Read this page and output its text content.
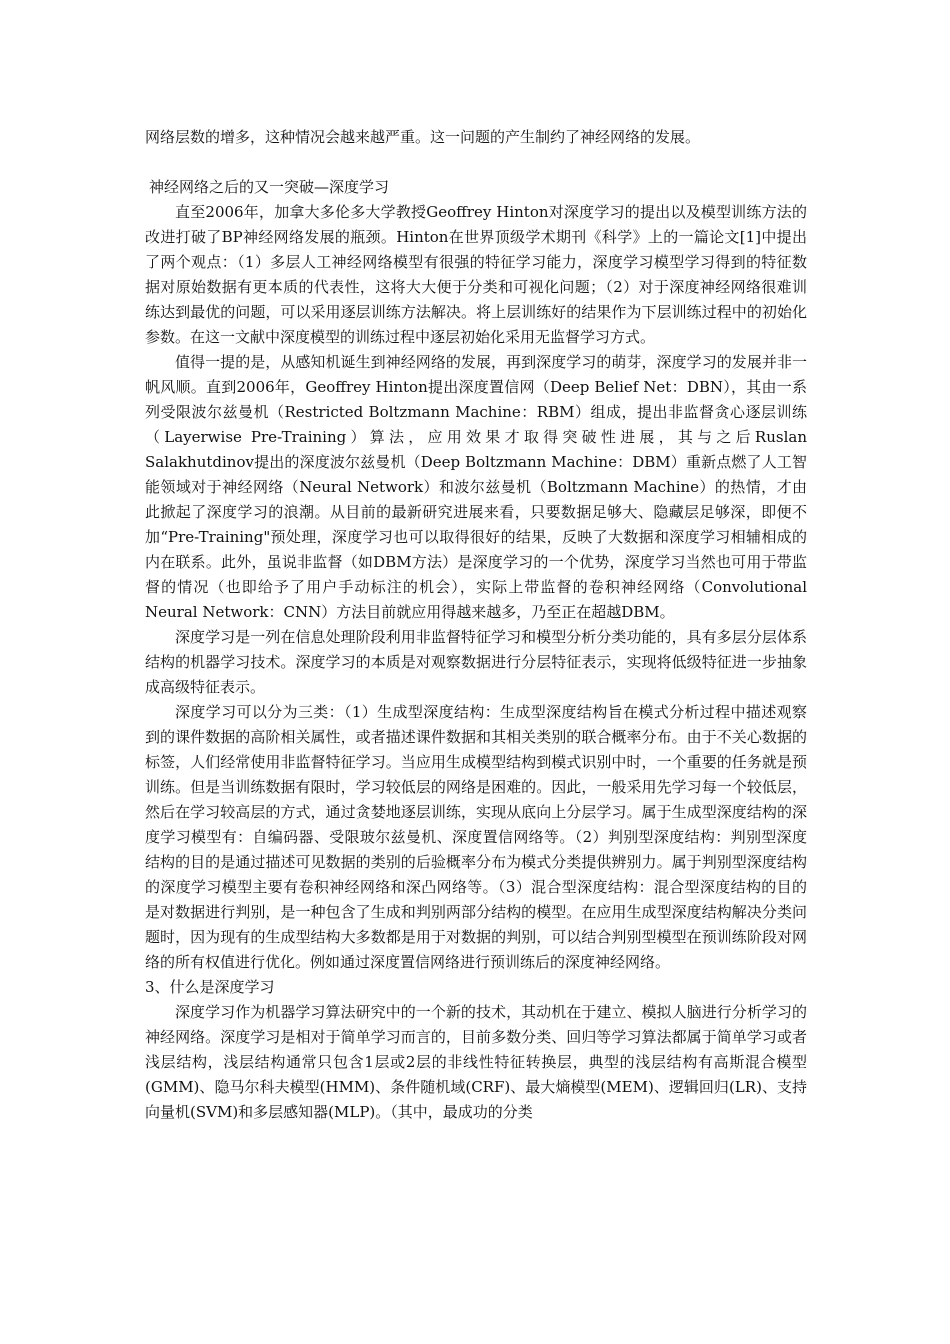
网络层数的增多，这种情况会越来越严重。这一问题的产生制约了神经网络的发展。

神经网络之后的又一突破—深度学习

直至2006年，加拿大多伦多大学教授Geoffrey Hinton对深度学习的提出以及模型训练方法的改进打破了BP神经网络发展的瓶颈。Hinton在世界顶级学术期刊《科学》上的一篇论文[1]中提出了两个观点：（1）多层人工神经网络模型有很强的特征学习能力，深度学习模型学习得到的特征数据对原始数据有更本质的代表性，这将大大便于分类和可视化问题；（2）对于深度神经网络很难训练达到最优的问题，可以采用逐层训练方法解决。将上层训练好的结果作为下层训练过程中的初始化参数。在这一文献中深度模型的训练过程中逐层初始化采用无监督学习方式。

值得一提的是，从感知机诞生到神经网络的发展，再到深度学习的萌芽，深度学习的发展并非一帆风顺。直到2006年，Geoffrey Hinton提出深度置信网（Deep Belief Net：DBN），其由一系列受限波尔兹曼机（Restricted Boltzmann Machine：RBM）组成，提出非监督贪心逐层训练（Layerwise Pre-Training）算法，应用效果才取得突破性进展，其与之后Ruslan Salakhutdinov提出的深度波尔兹曼机（Deep Boltzmann Machine：DBM）重新点燃了人工智能领域对于神经网络（Neural Network）和波尔兹曼机（Boltzmann Machine）的热情，才由此掀起了深度学习的浪潮。从目前的最新研究进展来看，只要数据足够大、隐藏层足够深，即便不加“Pre-Training"预处理，深度学习也可以取得很好的结果，反映了大数据和深度学习相辅相成的内在联系。此外，虽说非监督（如DBM方法）是深度学习的一个优势，深度学习当然也可用于带监督的情况（也即给予了用户手动标注的机会），实际上带监督的卷积神经网络（Convolutional Neural Network：CNN）方法目前就应用得越来越多，乃至正在超越DBM。

深度学习是一列在信息处理阶段利用非监督特征学习和模型分析分类功能的，具有多层分层体系结构的机器学习技术。深度学习的本质是对观察数据进行分层特征表示，实现将低级特征进一步抽象成高级特征表示。

深度学习可以分为三类：（1）生成型深度结构：生成型深度结构旨在模式分析过程中描述观察到的课件数据的高阶相关属性，或者描述课件数据和其相关类别的联合概率分布。由于不关心数据的标签，人们经常使用非监督特征学习。当应用生成模型结构到模式识别中时，一个重要的任务就是预训练。但是当训练数据有限时，学习较低层的网络是困难的。因此，一般采用先学习每一个较低层，然后在学习较高层的方式，通过贪婪地逐层训练，实现从底向上分层学习。属于生成型深度结构的深度学习模型有：自编码器、受限玻尔兹曼机、深度置信网络等。（2）判别型深度结构：判别型深度结构的目的是通过描述可见数据的类别的后验概率分布为模式分类提供辨别力。属于判别型深度结构的深度学习模型主要有卷积神经网络和深凸网络等。（3）混合型深度结构：混合型深度结构的目的是对数据进行判别，是一种包含了生成和判别两部分结构的模型。在应用生成型深度结构解决分类问题时，因为现有的生成型结构大多数都是用于对数据的判别，可以结合判别型模型在预训练阶段对网络的所有权值进行优化。例如通过深度置信网络进行预训练后的深度神经网络。

3、什么是深度学习

深度学习作为机器学习算法研究中的一个新的技术，其动机在于建立、模拟人脑进行分析学习的神经网络。深度学习是相对于简单学习而言的，目前多数分类、回归等学习算法都属于简单学习或者浅层结构，浅层结构通常只包含1层或2层的非线性特征转换层，典型的浅层结构有高斯混合模型(GMM)、隐马尔科夫模型(HMM)、条件随机域(CRF)、最大熵模型(MEM)、逻辑回归(LR)、支持向量机(SVM)和多层感知器(MLP)。（其中，最成功的分类
